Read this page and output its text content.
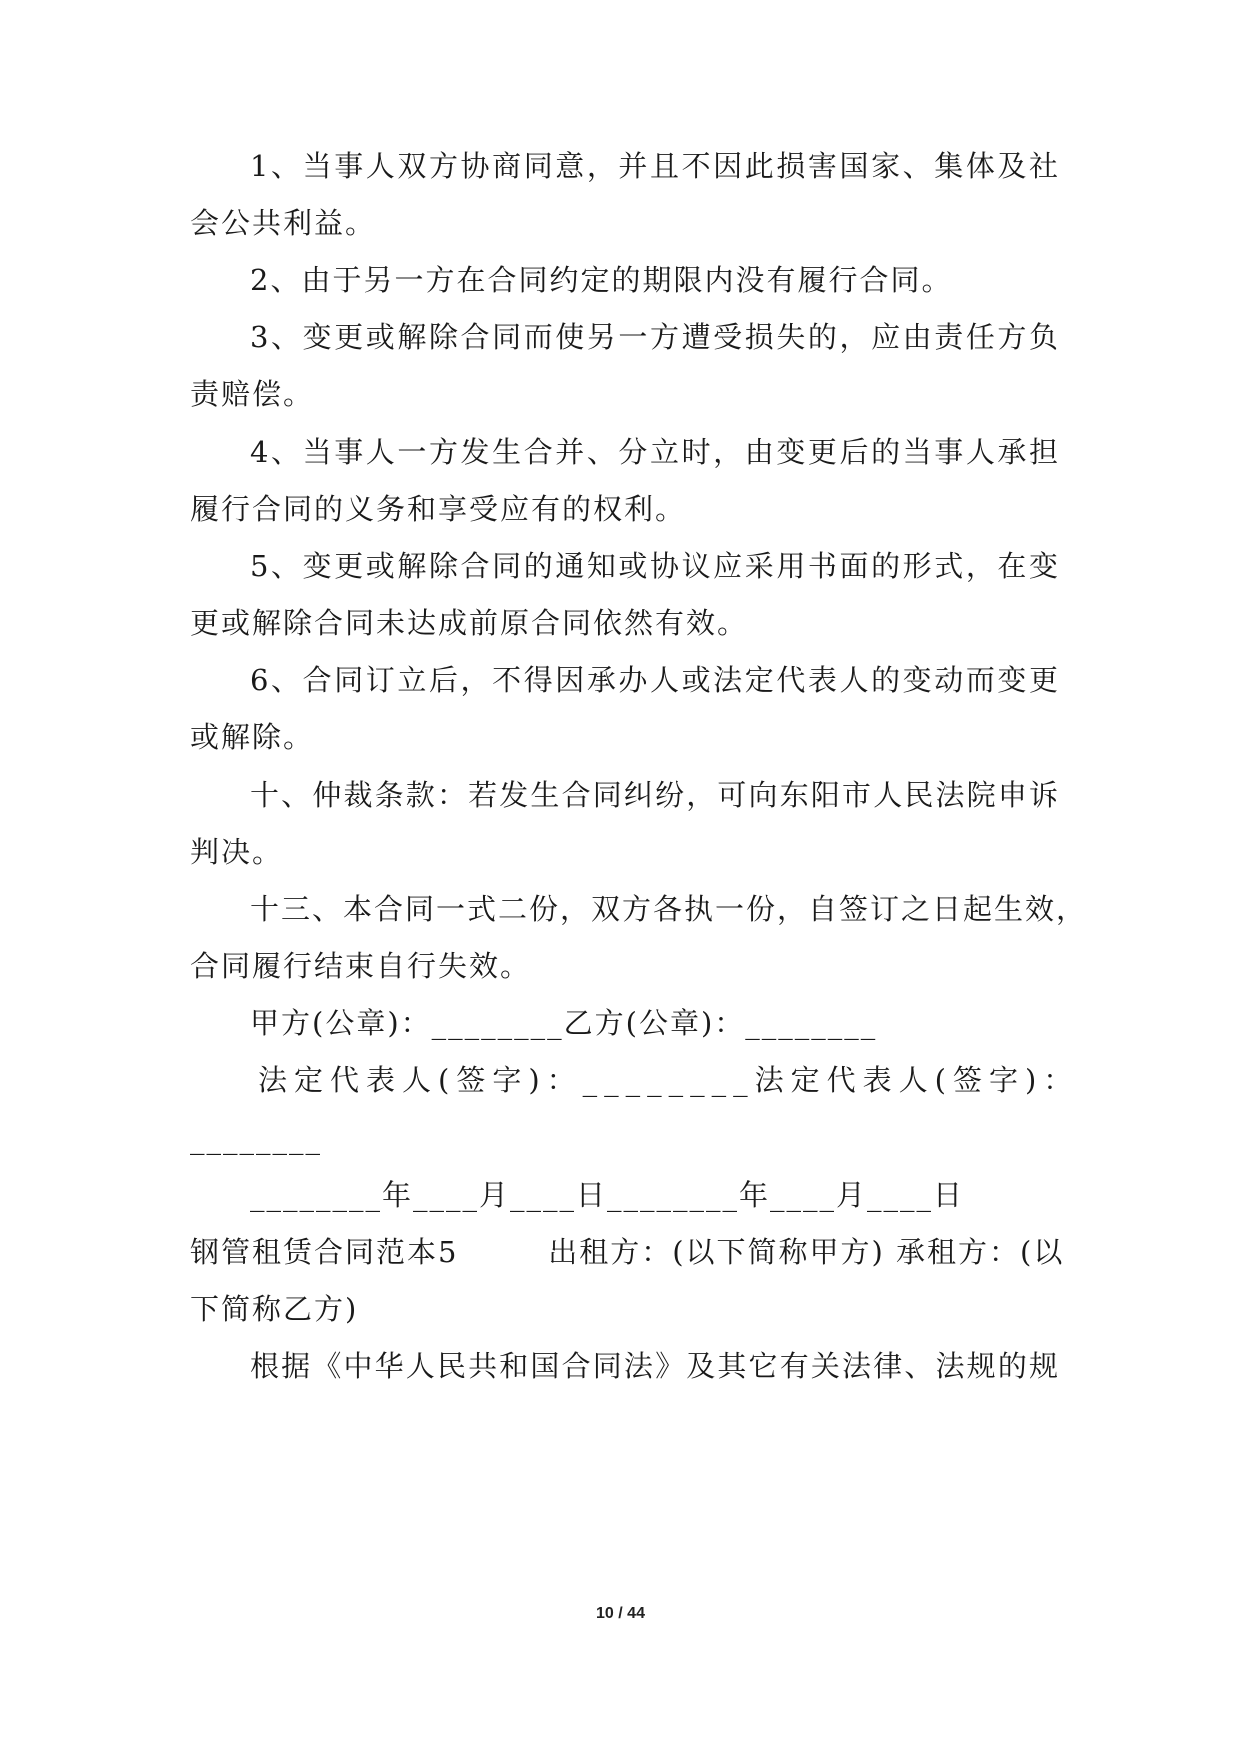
1、当事人双方协商同意，并且不因此损害国家、集体及社
会公共利益。
2、由于另一方在合同约定的期限内没有履行合同。
3、变更或解除合同而使另一方遭受损失的，应由责任方负
责赔偿。
4、当事人一方发生合并、分立时，由变更后的当事人承担
履行合同的义务和享受应有的权利。
5、变更或解除合同的通知或协议应采用书面的形式，在变
更或解除合同未达成前原合同依然有效。
6、合同订立后，不得因承办人或法定代表人的变动而变更
或解除。
十、仲裁条款：若发生合同纠纷，可向东阳市人民法院申诉
判决。
十三、本合同一式二份，双方各执一份，自签订之日起生效，
合同履行结束自行失效。
甲方(公章)：________乙方(公章)：________
法定代表人(签字)：________法定代表人(签字)：
________
________年____月____日________年____月____日
钢管租赁合同范本5        出租方：(以下简称甲方) 承租方：(以
下简称乙方)
根据《中华人民共和国合同法》及其它有关法律、法规的规
10 / 44
